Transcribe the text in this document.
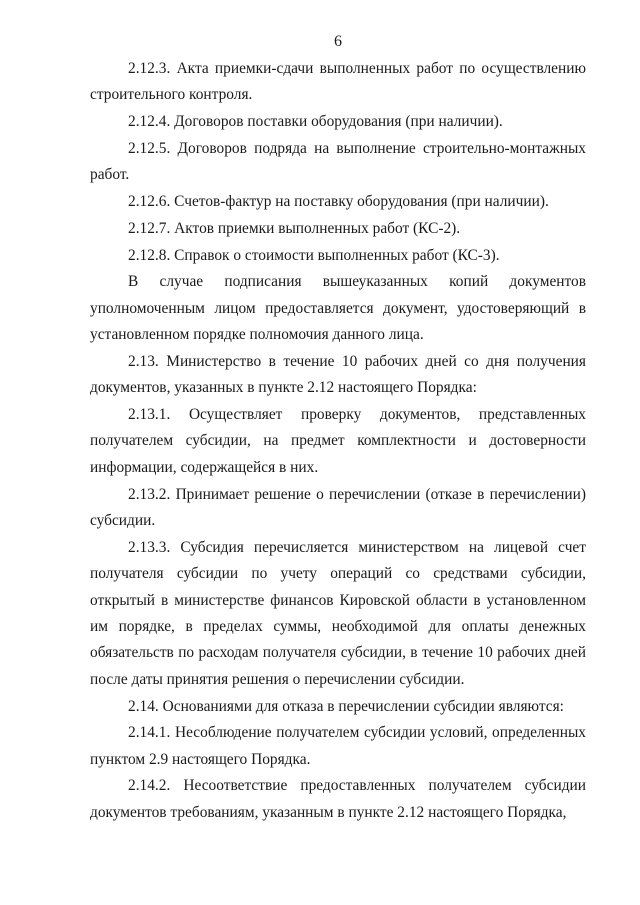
6

2.12.3. Акта приемки-сдачи выполненных работ по осуществлению строительного контроля.

2.12.4. Договоров поставки оборудования (при наличии).

2.12.5. Договоров подряда на выполнение строительно-монтажных работ.

2.12.6. Счетов-фактур на поставку оборудования (при наличии).

2.12.7. Актов приемки выполненных работ (КС-2).

2.12.8. Справок о стоимости выполненных работ (КС-3).

В случае подписания вышеуказанных копий документов уполномоченным лицом предоставляется документ, удостоверяющий в установленном порядке полномочия данного лица.

2.13. Министерство в течение 10 рабочих дней со дня получения документов, указанных в пункте 2.12 настоящего Порядка:

2.13.1. Осуществляет проверку документов, представленных получателем субсидии, на предмет комплектности и достоверности информации, содержащейся в них.

2.13.2. Принимает решение о перечислении (отказе в перечислении) субсидии.

2.13.3. Субсидия перечисляется министерством на лицевой счет получателя субсидии по учету операций со средствами субсидии, открытый в министерстве финансов Кировской области в установленном им порядке, в пределах суммы, необходимой для оплаты денежных обязательств по расходам получателя субсидии, в течение 10 рабочих дней после даты принятия решения о перечислении субсидии.

2.14. Основаниями для отказа в перечислении субсидии являются:

2.14.1. Несоблюдение получателем субсидии условий, определенных пунктом 2.9 настоящего Порядка.

2.14.2. Несоответствие предоставленных получателем субсидии документов требованиям, указанным в пункте 2.12 настоящего Порядка,
